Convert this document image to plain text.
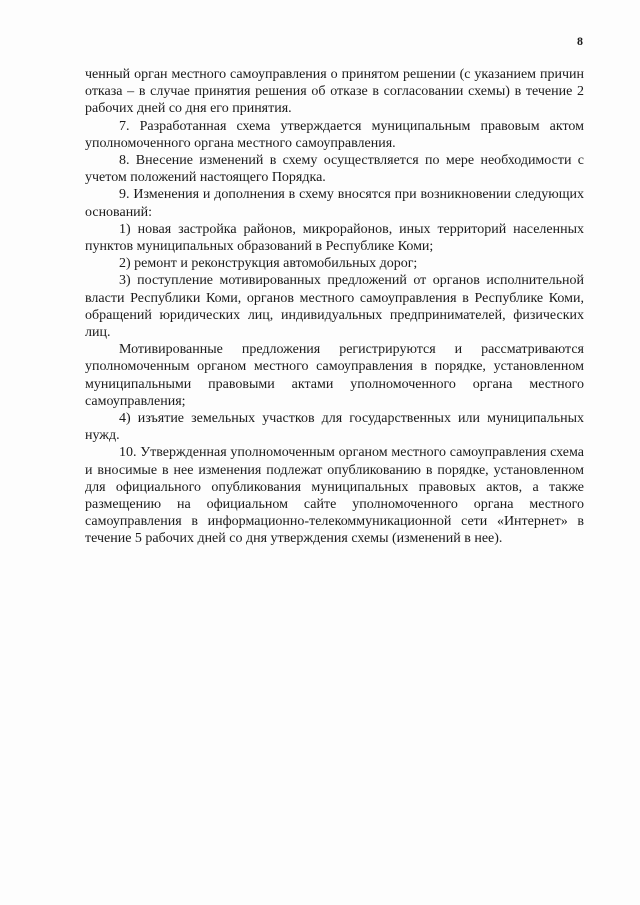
8

ченный орган местного самоуправления о принятом решении (с указанием причин отказа – в случае принятия решения об отказе в согласовании схемы) в течение 2 рабочих дней со дня его принятия.

7. Разработанная схема утверждается муниципальным правовым актом уполномоченного органа местного самоуправления.

8. Внесение изменений в схему осуществляется по мере необходимости с учетом положений настоящего Порядка.

9. Изменения и дополнения в схему вносятся при возникновении следующих оснований:

1) новая застройка районов, микрорайонов, иных территорий населенных пунктов муниципальных образований в Республике Коми;

2) ремонт и реконструкция автомобильных дорог;

3) поступление мотивированных предложений от органов исполнительной власти Республики Коми, органов местного самоуправления в Республике Коми, обращений юридических лиц, индивидуальных предпринимателей, физических лиц.

Мотивированные предложения регистрируются и рассматриваются уполномоченным органом местного самоуправления в порядке, установленном муниципальными правовыми актами уполномоченного органа местного самоуправления;

4) изъятие земельных участков для государственных или муниципальных нужд.

10. Утвержденная уполномоченным органом местного самоуправления схема и вносимые в нее изменения подлежат опубликованию в порядке, установленном для официального опубликования муниципальных правовых актов, а также размещению на официальном сайте уполномоченного органа местного самоуправления в информационно-телекоммуникационной сети «Интернет» в течение 5 рабочих дней со дня утверждения схемы (изменений в нее).
